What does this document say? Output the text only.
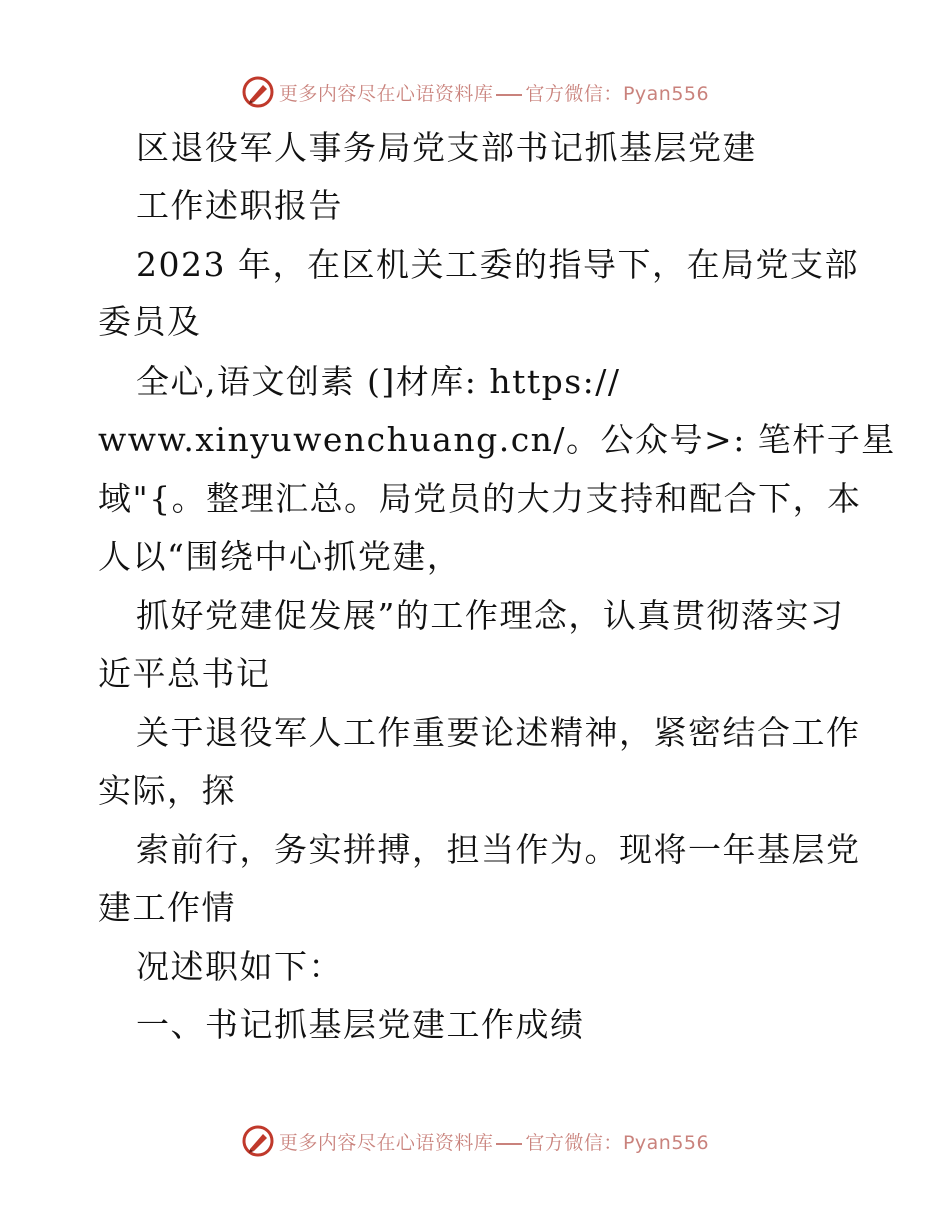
更多内容尽在心语资料库 官方微信：Pyan556
区退役军人事务局党支部书记抓基层党建
工作述职报告
2023 年，在区机关工委的指导下，在局党支部
委员及
全心,语文创素 (]材库: https://
www.xinyuwenchuang.cn/。公众号>: 笔杆子星
域"{。整理汇总。局党员的大力支持和配合下，本
人以“围绕中心抓党建，
抓好党建促发展”的工作理念，认真贯彻落实习
近平总书记
关于退役军人工作重要论述精神，紧密结合工作
实际，探
索前行，务实拼搏，担当作为。现将一年基层党
建工作情
况述职如下：
一、书记抓基层党建工作成绩
更多内容尽在心语资料库 官方微信：Pyan556
